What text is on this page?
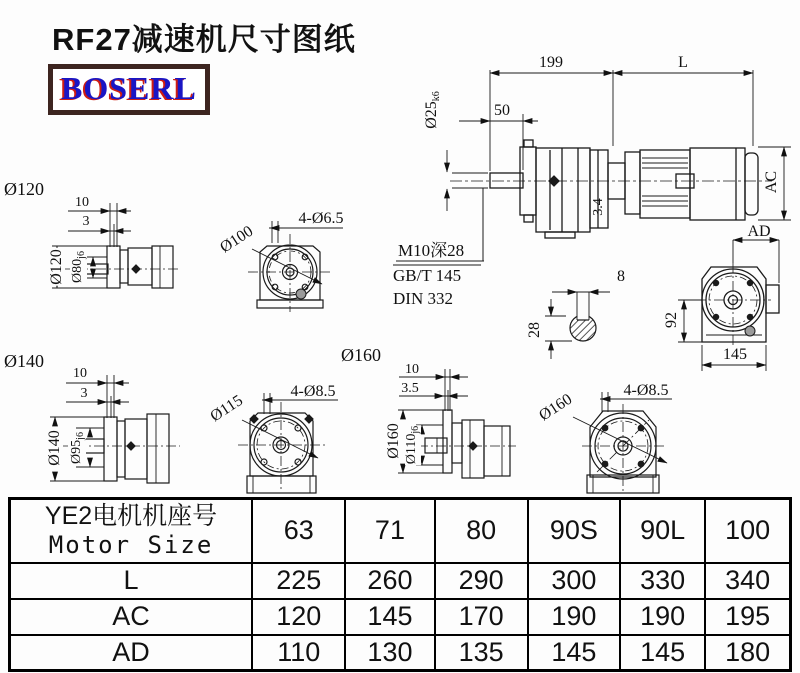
RF27减速机尺寸图纸
BOSERL
199	L
50
$Ø25_{k6}$
AC
AD
3.4
M10深28
GB/T 145
DIN 332
8
28
92
145
Ø120
10
3
Ø120 $Ø80_{j6}$
4-Ø6.5
Ø100
Ø140
10
3
Ø140 $Ø95_{j6}$
4-Ø8.5
Ø115
Ø160
10
3.5
Ø160 $Ø110_{j6}$
4-Ø8.5
Ø160
YE2电机机座号
Motor Size	63	71	80	90S	90L	100
L	225	260	290	300	330	340
AC	120	145	170	190	190	195
AD	110	130	135	145	145	180
